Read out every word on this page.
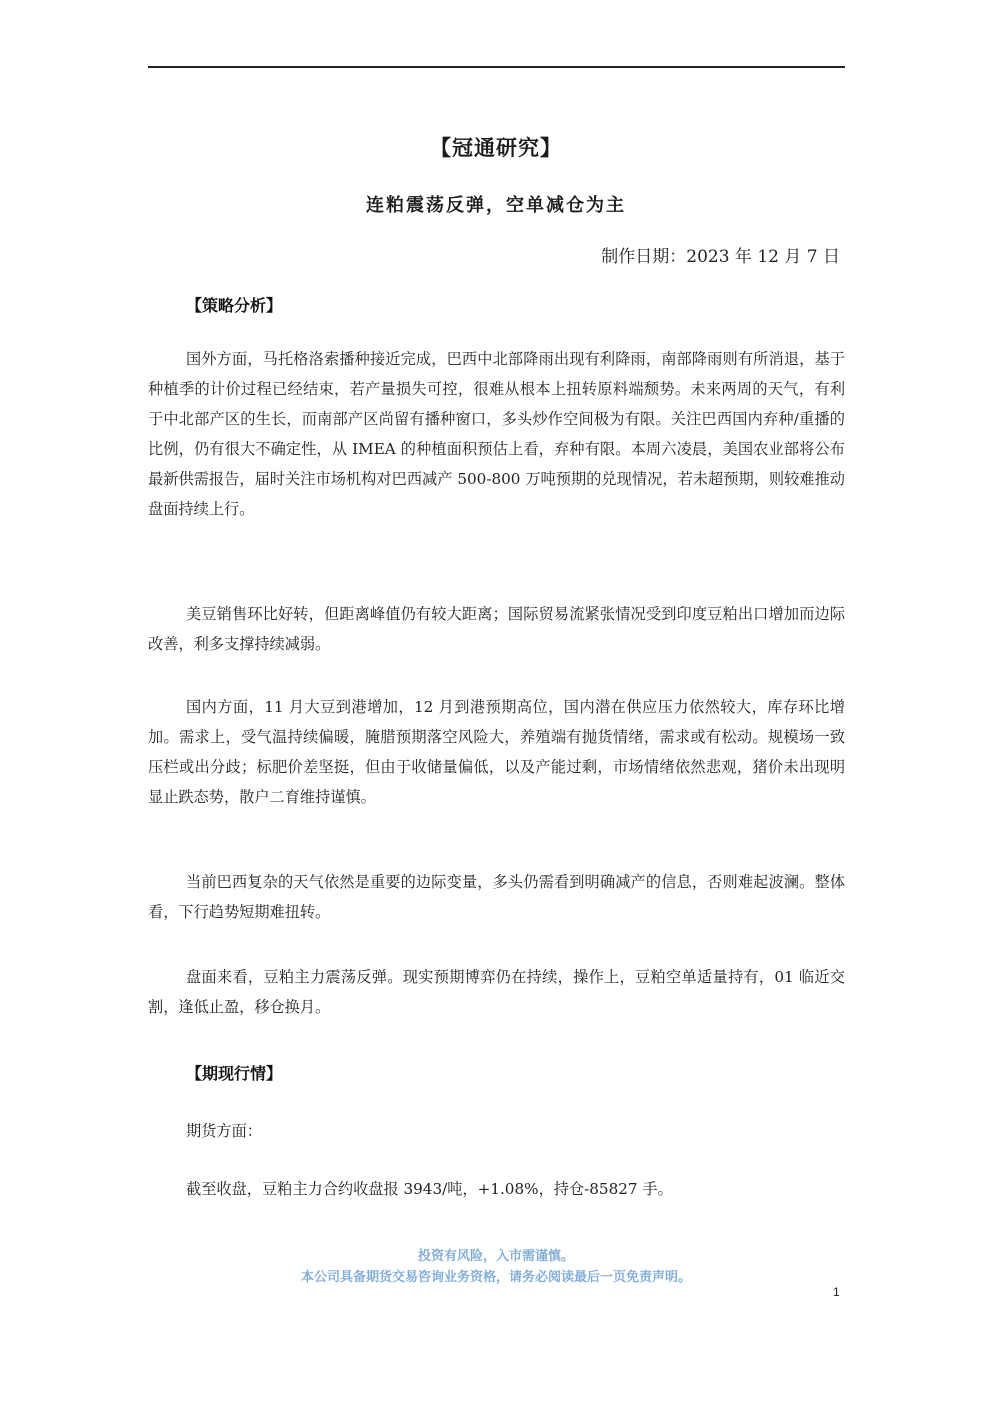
【冠通研究】
连粕震荡反弹，空单减仓为主
制作日期：2023 年 12 月 7 日
【策略分析】
国外方面，马托格洛索播种接近完成，巴西中北部降雨出现有利降雨，南部降雨则有所消退，基于种植季的计价过程已经结束，若产量损失可控，很难从根本上扭转原料端颓势。未来两周的天气，有利于中北部产区的生长，而南部产区尚留有播种窗口，多头炒作空间极为有限。关注巴西国内弃种/重播的比例，仍有很大不确定性，从 IMEA 的种植面积预估上看，弃种有限。本周六凌晨，美国农业部将公布最新供需报告，届时关注市场机构对巴西减产 500-800 万吨预期的兑现情况，若未超预期，则较难推动盘面持续上行。
美豆销售环比好转，但距离峰值仍有较大距离；国际贸易流紧张情况受到印度豆粕出口增加而边际改善，利多支撑持续减弱。
国内方面，11 月大豆到港增加，12 月到港预期高位，国内潜在供应压力依然较大，库存环比增加。需求上，受气温持续偏暖，腌腊预期落空风险大，养殖端有抛货情绪，需求或有松动。规模场一致压栏或出分歧；标肥价差坚挺，但由于收储量偏低，以及产能过剩，市场情绪依然悲观，猪价未出现明显止跌态势，散户二育维持谨慎。
当前巴西复杂的天气依然是重要的边际变量，多头仍需看到明确减产的信息，否则难起波澜。整体看，下行趋势短期难扭转。
盘面来看，豆粕主力震荡反弹。现实预期博弈仍在持续，操作上，豆粕空单适量持有，01 临近交割，逢低止盈，移仓换月。
【期现行情】
期货方面：
截至收盘，豆粕主力合约收盘报 3943/吨，+1.08%，持仓-85827 手。
投资有风险，入市需谨慎。
本公司具备期货交易咨询业务资格，请务必阅读最后一页免责声明。
1
